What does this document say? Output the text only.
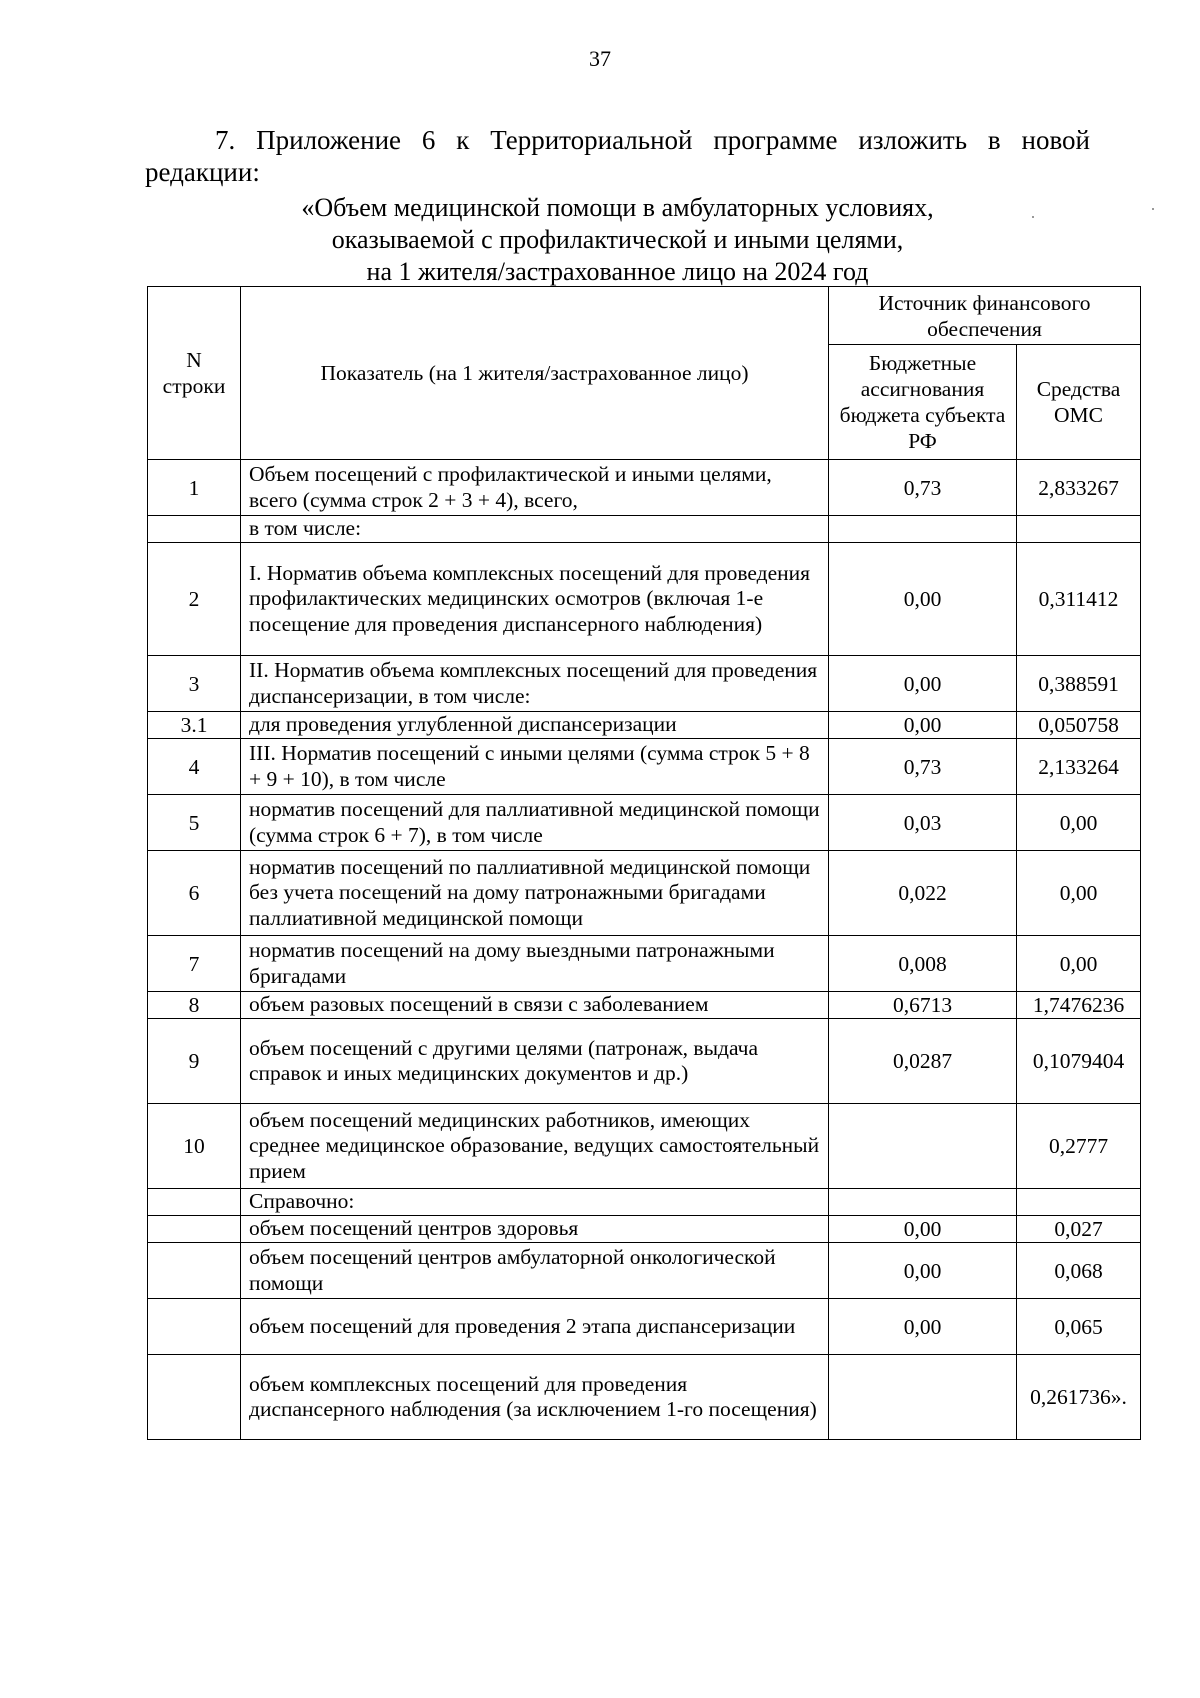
37
7. Приложение 6 к Территориальной программе изложить в новой редакции:
«Объем медицинской помощи в амбулаторных условиях,
оказываемой с профилактической и иными целями,
на 1 жителя/застрахованное лицо на 2024 год
N строки	Показатель (на 1 жителя/застрахованное лицо)	Источник финансового обеспечения	
		Бюджетные ассигнования бюджета субъекта РФ	Средства ОМС
1	Объем посещений с профилактической и иными целями, всего (сумма строк 2 + 3 + 4), всего,	0,73	2,833267
	в том числе:		
2	I. Норматив объема комплексных посещений для проведения профилактических медицинских осмотров (включая 1-е посещение для проведения диспансерного наблюдения)	0,00	0,311412
3	II. Норматив объема комплексных посещений для проведения диспансеризации, в том числе:	0,00	0,388591
3.1	для проведения углубленной диспансеризации	0,00	0,050758
4	III. Норматив посещений с иными целями (сумма строк 5 + 8 + 9 + 10), в том числе	0,73	2,133264
5	норматив посещений для паллиативной медицинской помощи (сумма строк 6 + 7), в том числе	0,03	0,00
6	норматив посещений по паллиативной медицинской помощи без учета посещений на дому патронажными бригадами паллиативной медицинской помощи	0,022	0,00
7	норматив посещений на дому выездными патронажными бригадами	0,008	0,00
8	объем разовых посещений в связи с заболеванием	0,6713	1,7476236
9	объем посещений с другими целями (патронаж, выдача справок и иных медицинских документов и др.)	0,0287	0,1079404
10	объем посещений медицинских работников, имеющих среднее медицинское образование, ведущих самостоятельный прием		0,2777
	Справочно:		
	объем посещений центров здоровья	0,00	0,027
	объем посещений центров амбулаторной онкологической помощи	0,00	0,068
	объем посещений для проведения 2 этапа диспансеризации	0,00	0,065
	объем комплексных посещений для проведения диспансерного наблюдения (за исключением 1-го посещения)		0,261736».
